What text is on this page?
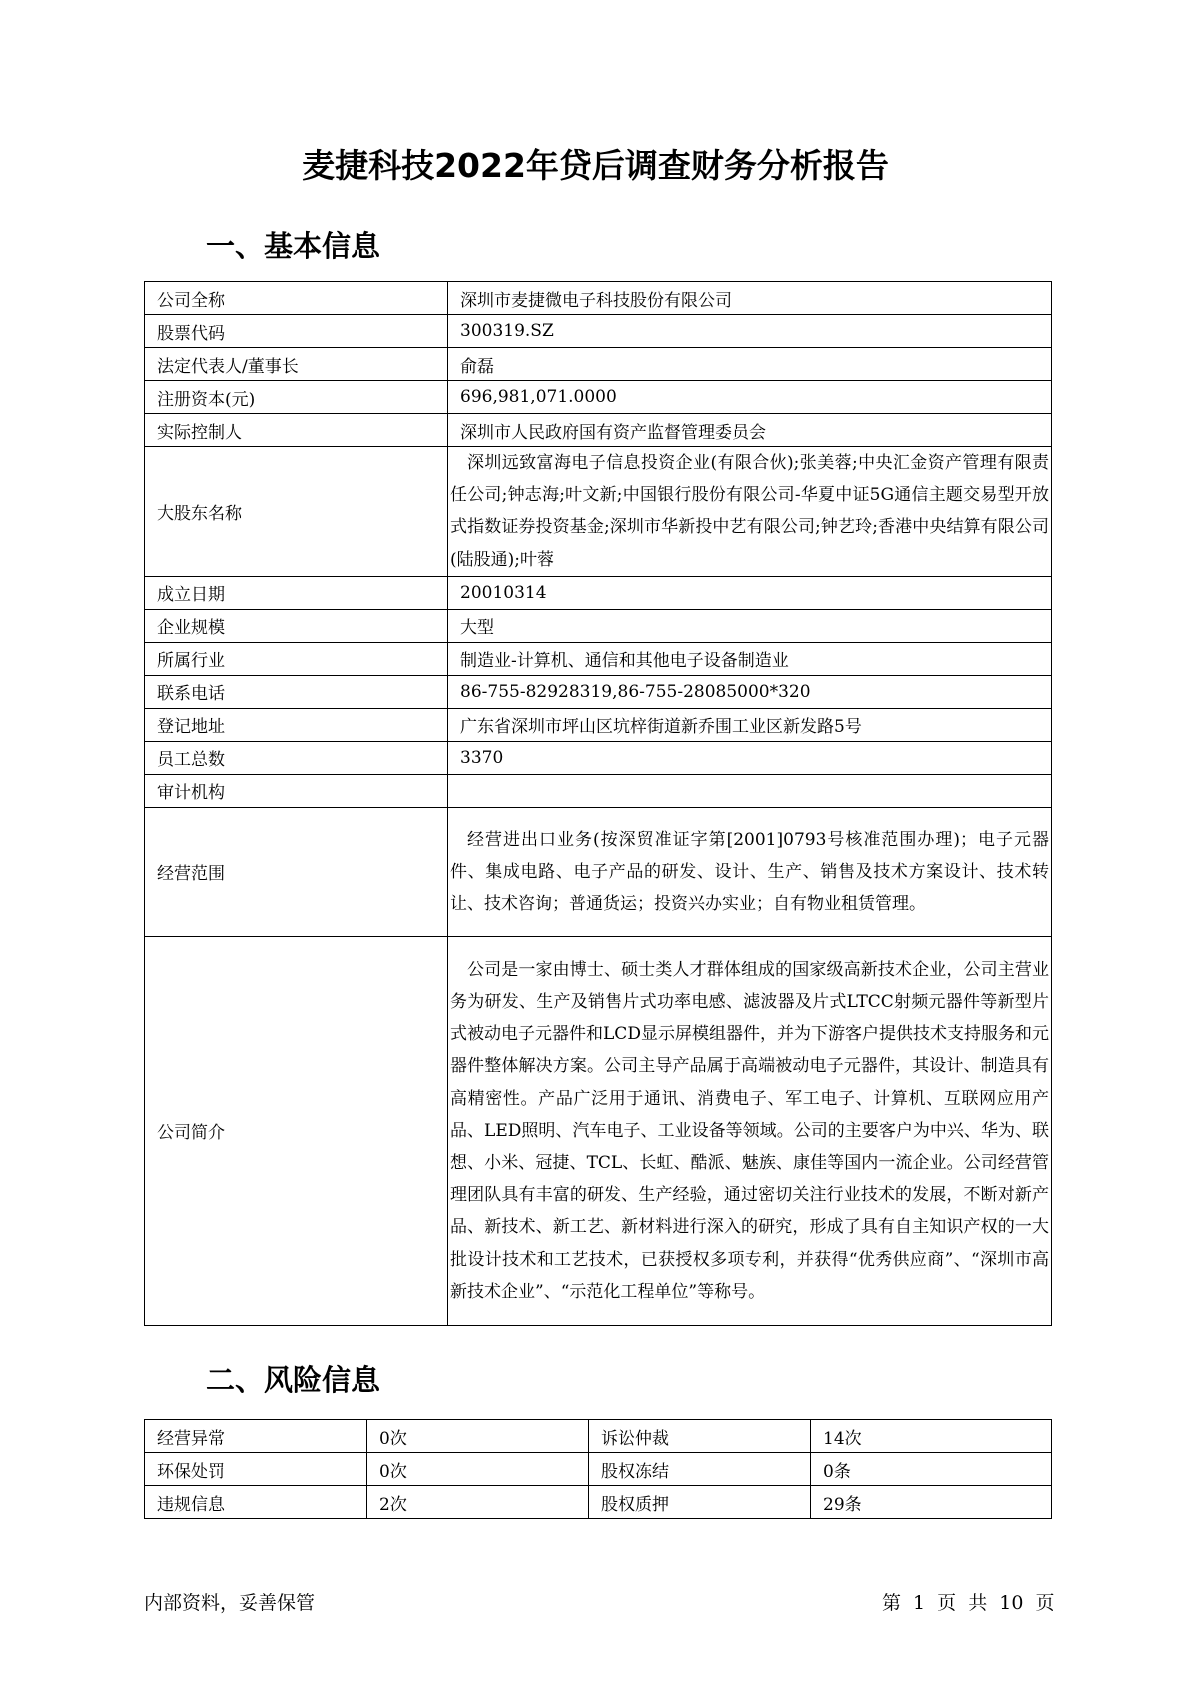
麦捷科技2022年贷后调查财务分析报告
一、基本信息
公司全称	深圳市麦捷微电子科技股份有限公司
股票代码	300319.SZ
法定代表人/董事长	俞磊
注册资本(元)	696,981,071.0000
实际控制人	深圳市人民政府国有资产监督管理委员会
大股东名称	深圳远致富海电子信息投资企业(有限合伙);张美蓉;中央汇金资产管理有限责任公司;钟志海;叶文新;中国银行股份有限公司-华夏中证5G通信主题交易型开放式指数证券投资基金;深圳市华新投中艺有限公司;钟艺玲;香港中央结算有限公司(陆股通);叶蓉
成立日期	20010314
企业规模	大型
所属行业	制造业-计算机、通信和其他电子设备制造业
联系电话	86-755-82928319,86-755-28085000*320
登记地址	广东省深圳市坪山区坑梓街道新乔围工业区新发路5号
员工总数	3370
审计机构	
经营范围	经营进出口业务(按深贸准证字第[2001]0793号核准范围办理)；电子元器件、集成电路、电子产品的研发、设计、生产、销售及技术方案设计、技术转让、技术咨询；普通货运；投资兴办实业；自有物业租赁管理。
公司简介	公司是一家由博士、硕士类人才群体组成的国家级高新技术企业，公司主营业务为研发、生产及销售片式功率电感、滤波器及片式LTCC射频元器件等新型片式被动电子元器件和LCD显示屏模组器件，并为下游客户提供技术支持服务和元器件整体解决方案。公司主导产品属于高端被动电子元器件，其设计、制造具有高精密性。产品广泛用于通讯、消费电子、军工电子、计算机、互联网应用产品、LED照明、汽车电子、工业设备等领域。公司的主要客户为中兴、华为、联想、小米、冠捷、TCL、长虹、酷派、魅族、康佳等国内一流企业。公司经营管理团队具有丰富的研发、生产经验，通过密切关注行业技术的发展，不断对新产品、新技术、新工艺、新材料进行深入的研究，形成了具有自主知识产权的一大批设计技术和工艺技术，已获授权多项专利，并获得“优秀供应商”、“深圳市高新技术企业”、“示范化工程单位”等称号。
二、风险信息
经营异常	0次	诉讼仲裁	14次
环保处罚	0次	股权冻结	0条
违规信息	2次	股权质押	29条
内部资料，妥善保管	第 1 页 共 10 页
